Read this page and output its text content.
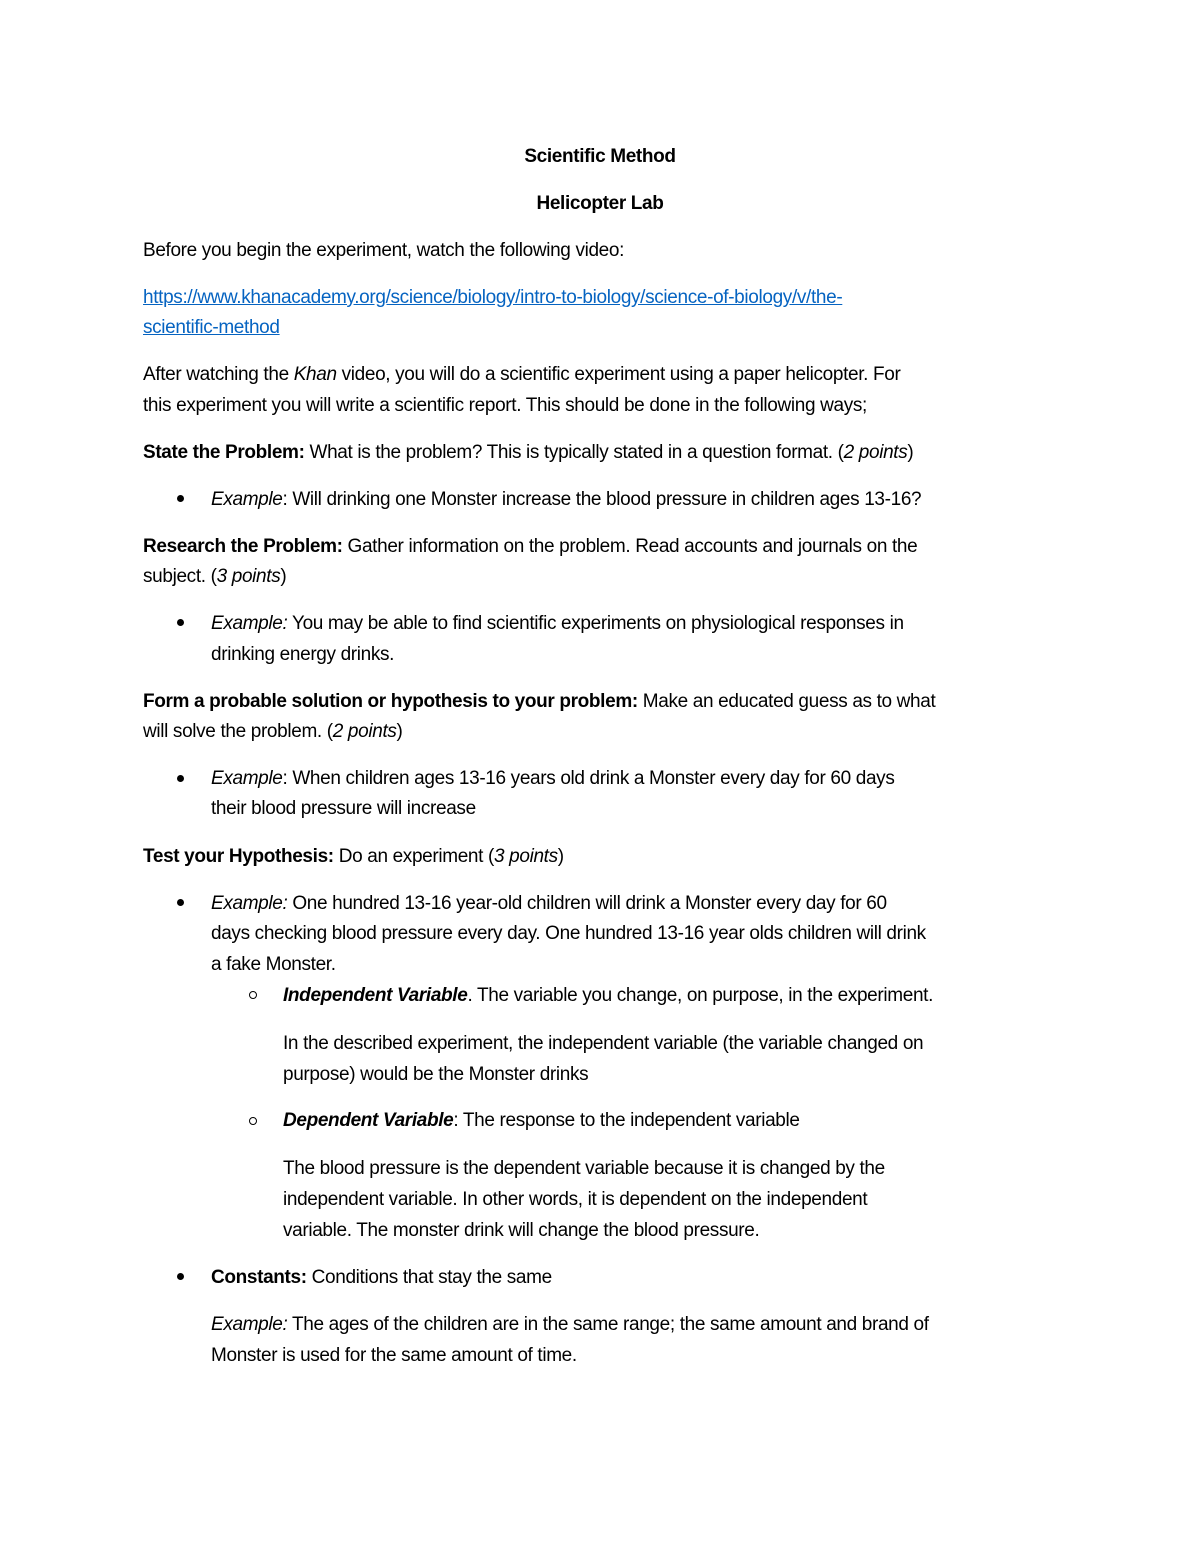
Scientific Method
Helicopter Lab
Before you begin the experiment, watch the following video:
https://www.khanacademy.org/science/biology/intro-to-biology/science-of-biology/v/the-
scientific-method
After watching the Khan video, you will do a scientific experiment using a paper helicopter. For
this experiment you will write a scientific report. This should be done in the following ways;
State the Problem: What is the problem? This is typically stated in a question format. (2 points)
Example: Will drinking one Monster increase the blood pressure in children ages 13-16?
Research the Problem: Gather information on the problem. Read accounts and journals on the
subject. (3 points)
Example: You may be able to find scientific experiments on physiological responses in
drinking energy drinks.
Form a probable solution or hypothesis to your problem: Make an educated guess as to what
will solve the problem. (2 points)
Example: When children ages 13-16 years old drink a Monster every day for 60 days
their blood pressure will increase
Test your Hypothesis: Do an experiment (3 points)
Example: One hundred 13-16 year-old children will drink a Monster every day for 60
days checking blood pressure every day. One hundred 13-16 year olds children will drink
a fake Monster.
Independent Variable. The variable you change, on purpose, in the experiment.
In the described experiment, the independent variable (the variable changed on
purpose) would be the Monster drinks
Dependent Variable: The response to the independent variable
The blood pressure is the dependent variable because it is changed by the
independent variable. In other words, it is dependent on the independent
variable. The monster drink will change the blood pressure.
Constants: Conditions that stay the same
Example: The ages of the children are in the same range; the same amount and brand of
Monster is used for the same amount of time.
